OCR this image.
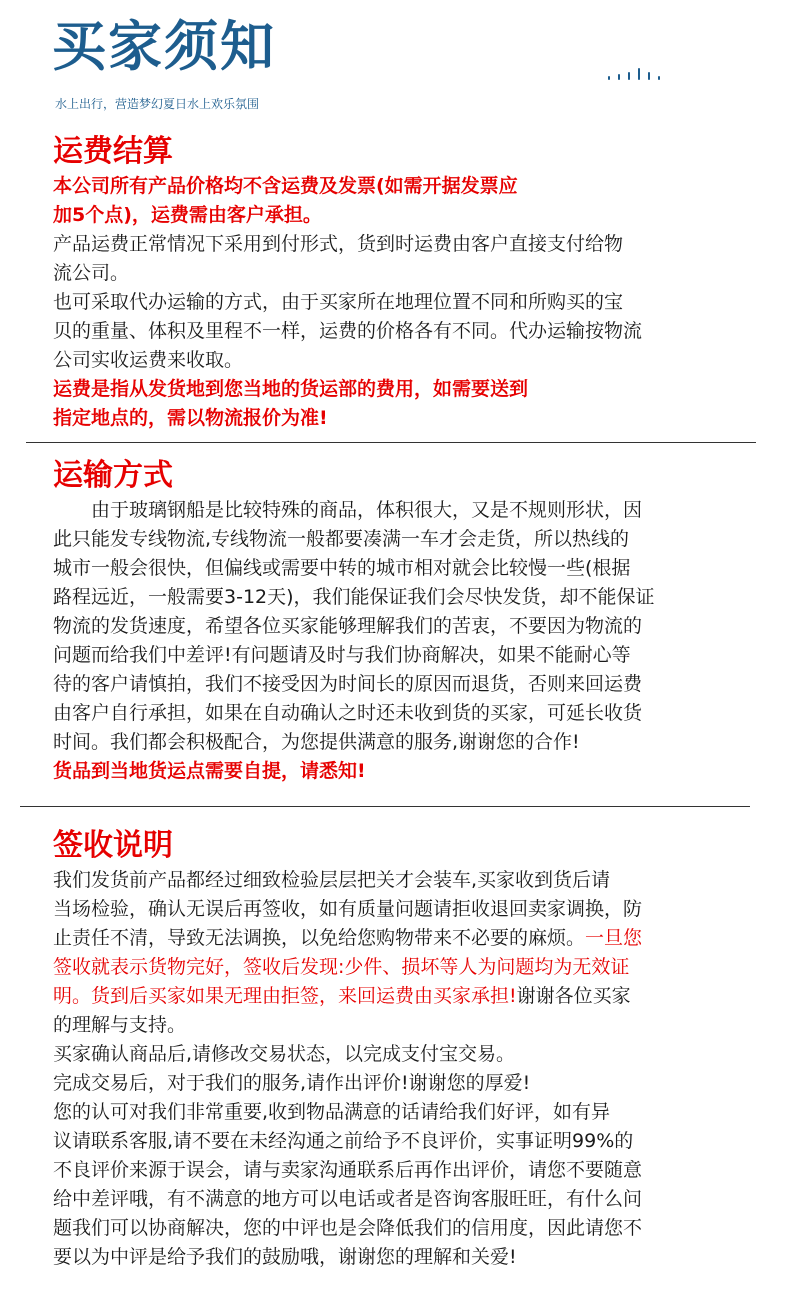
买家须知

水上出行，营造梦幻夏日水上欢乐氛围

运费结算

本公司所有产品价格均不含运费及发票(如需开据发票应

加5个点)，运费需由客户承担。

产品运费正常情况下采用到付形式，货到时运费由客户直接支付给物

流公司。

也可采取代办运输的方式，由于买家所在地理位置不同和所购买的宝

贝的重量、体积及里程不一样，运费的价格各有不同。代办运输按物流

公司实收运费来收取。

运费是指从发货地到您当地的货运部的费用，如需要送到

指定地点的，需以物流报价为准!

运输方式

由于玻璃钢船是比较特殊的商品，体积很大，又是不规则形状，因

此只能发专线物流,专线物流一般都要凑满一车才会走货，所以热线的

城市一般会很快，但偏线或需要中转的城市相对就会比较慢一些(根据

路程远近，一般需要3-12天)，我们能保证我们会尽快发货，却不能保证

物流的发货速度，希望各位买家能够理解我们的苦衷，不要因为物流的

问题而给我们中差评!有问题请及时与我们协商解决，如果不能耐心等

待的客户请慎拍，我们不接受因为时间长的原因而退货，否则来回运费

由客户自行承担，如果在自动确认之时还未收到货的买家，可延长收货

时间。我们都会积极配合，为您提供满意的服务,谢谢您的合作!

货品到当地货运点需要自提，请悉知!

签收说明

我们发货前产品都经过细致检验层层把关才会装车,买家收到货后请

当场检验，确认无误后再签收，如有质量问题请拒收退回卖家调换，防

止责任不清，导致无法调换，以免给您购物带来不必要的麻烦。一旦您

签收就表示货物完好，签收后发现:少件、损坏等人为问题均为无效证

明。货到后买家如果无理由拒签，来回运费由买家承担!谢谢各位买家

的理解与支持。

买家确认商品后,请修改交易状态，以完成支付宝交易。

完成交易后，对于我们的服务,请作出评价!谢谢您的厚爱!

您的认可对我们非常重要,收到物品满意的话请给我们好评，如有异

议请联系客服,请不要在未经沟通之前给予不良评价，实事证明99%的

不良评价来源于误会，请与卖家沟通联系后再作出评价，请您不要随意

给中差评哦，有不满意的地方可以电话或者是咨询客服旺旺，有什么问

题我们可以协商解决，您的中评也是会降低我们的信用度，因此请您不

要以为中评是给予我们的鼓励哦，谢谢您的理解和关爱!
